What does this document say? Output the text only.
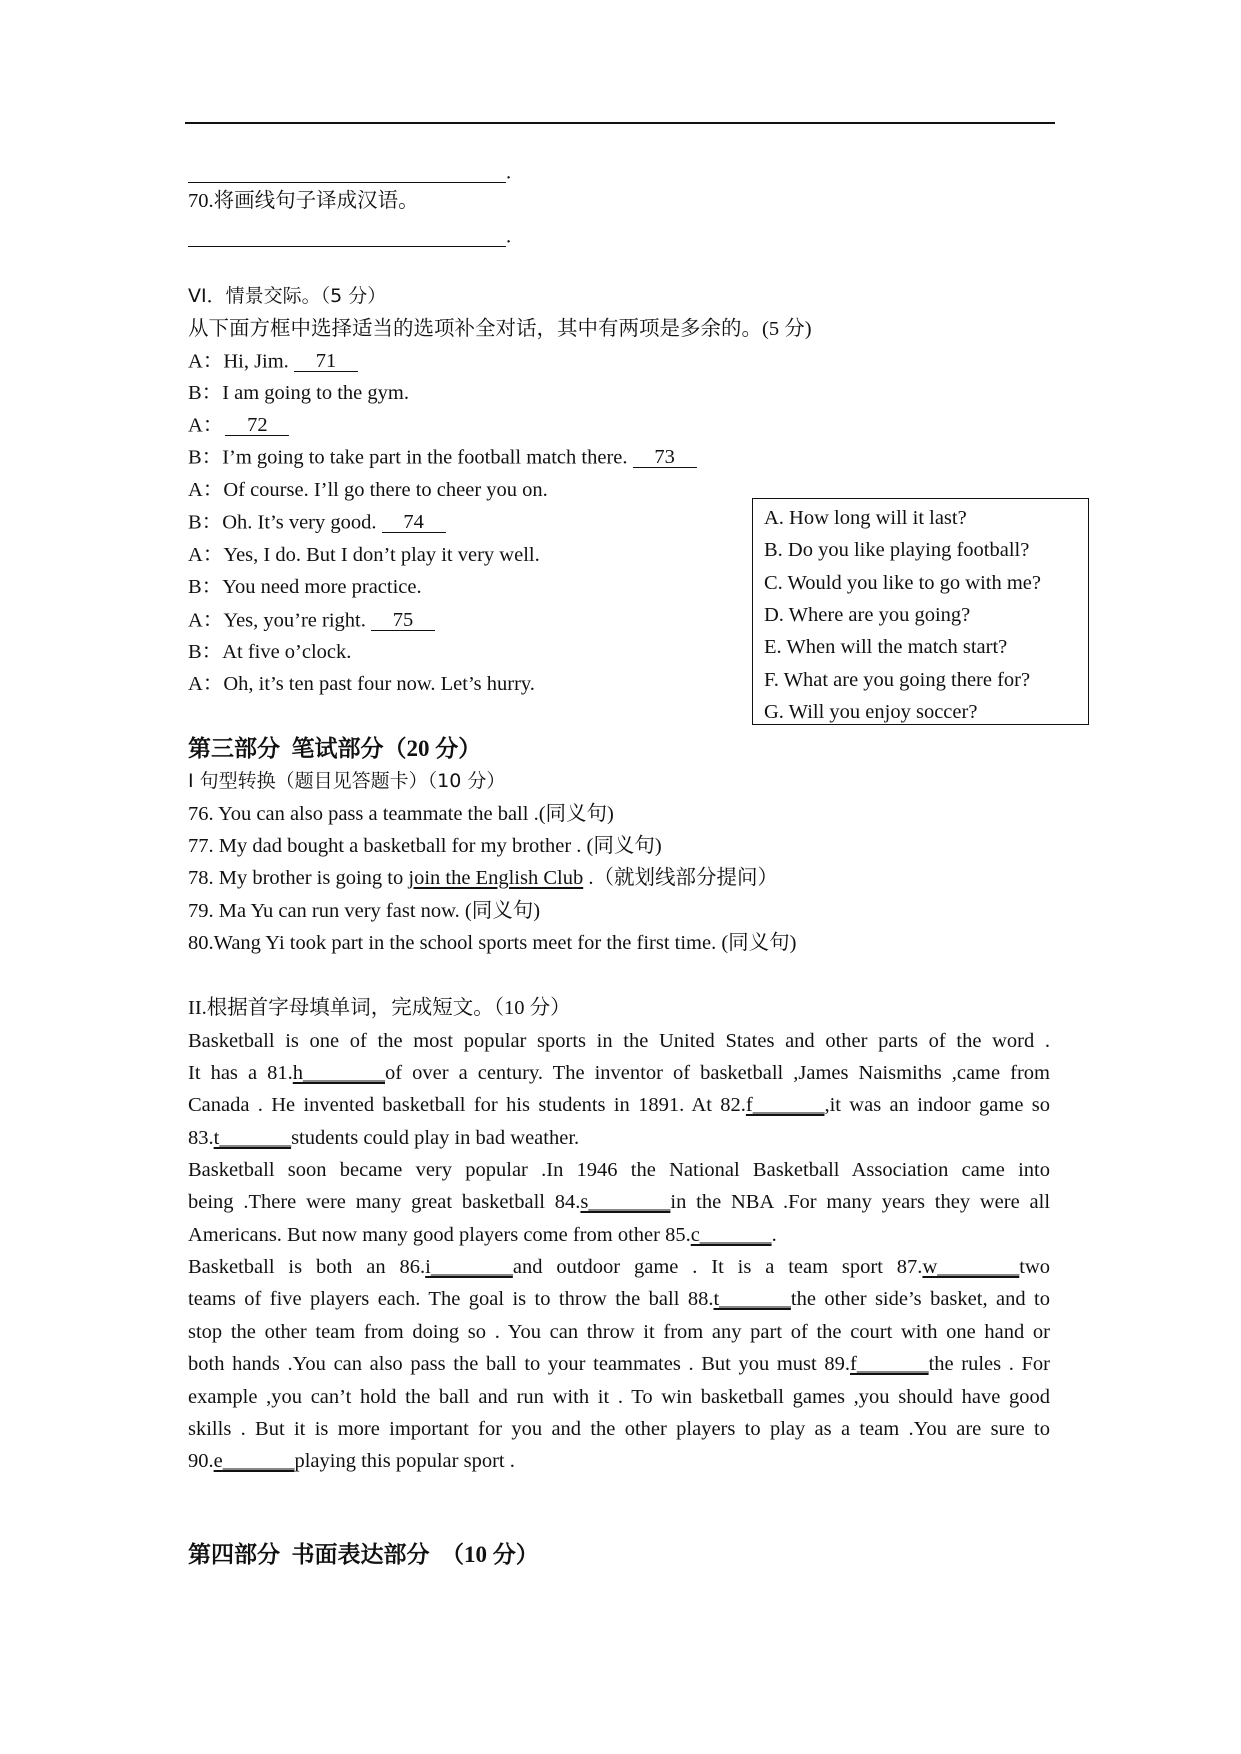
.
70.将画线句子译成汉语。
.
VI．情景交际。（5 分）
从下面方框中选择适当的选项补全对话，其中有两项是多余的。(5 分)
A：Hi, Jim. 71
B：I am going to the gym.
A： 72
B：I’m going to take part in the football match there. 73
A：Of course. I’ll go there to cheer you on.
B：Oh. It’s very good. 74
A：Yes, I do. But I don’t play it very well.
B：You need more practice.
A：Yes, you’re right. 75
B：At five o’clock.
A：Oh, it’s ten past four now. Let’s hurry.
A. How long will it last?
B. Do you like playing football?
C. Would you like to go with me?
D. Where are you going?
E. When will the match start?
F. What are you going there for?
G. Will you enjoy soccer?
第三部分  笔试部分（20 分）
I 句型转换（题目见答题卡）（10 分）
76. You can also pass a teammate the ball .(同义句)
77. My dad bought a basketball for my brother . (同义句)
78. My brother is going to join the English Club .（就划线部分提问）
79. Ma Yu can run very fast now. (同义句)
80.Wang Yi took part in the school sports meet for the first time. (同义句)
II.根据首字母填单词，完成短文。（10 分）
Basketball is one of the most popular sports in the United States and other parts of the word .
It has a 81.h________of over a century. The inventor of basketball ,James Naismiths ,came from
Canada . He invented basketball for his students in 1891. At 82.f_______,it was an indoor game so
83.t_______students could play in bad weather.
Basketball soon became very popular .In 1946 the National Basketball Association came into
being .There were many great basketball 84.s________in the NBA .For many years they were all
Americans. But now many good players come from other 85.c_______.
Basketball is both an 86.i________and outdoor game . It is a team sport 87.w________two
teams of five players each. The goal is to throw the ball 88.t_______the other side’s basket, and to
stop the other team from doing so . You can throw it from any part of the court with one hand or
both hands .You can also pass the ball to your teammates . But you must 89.f_______the rules . For
example ,you can’t hold the ball and run with it . To win basketball games ,you should have good
skills . But it is more important for you and the other players to play as a team .You are sure to
90.e_______playing this popular sport .
第四部分  书面表达部分  （10 分）
